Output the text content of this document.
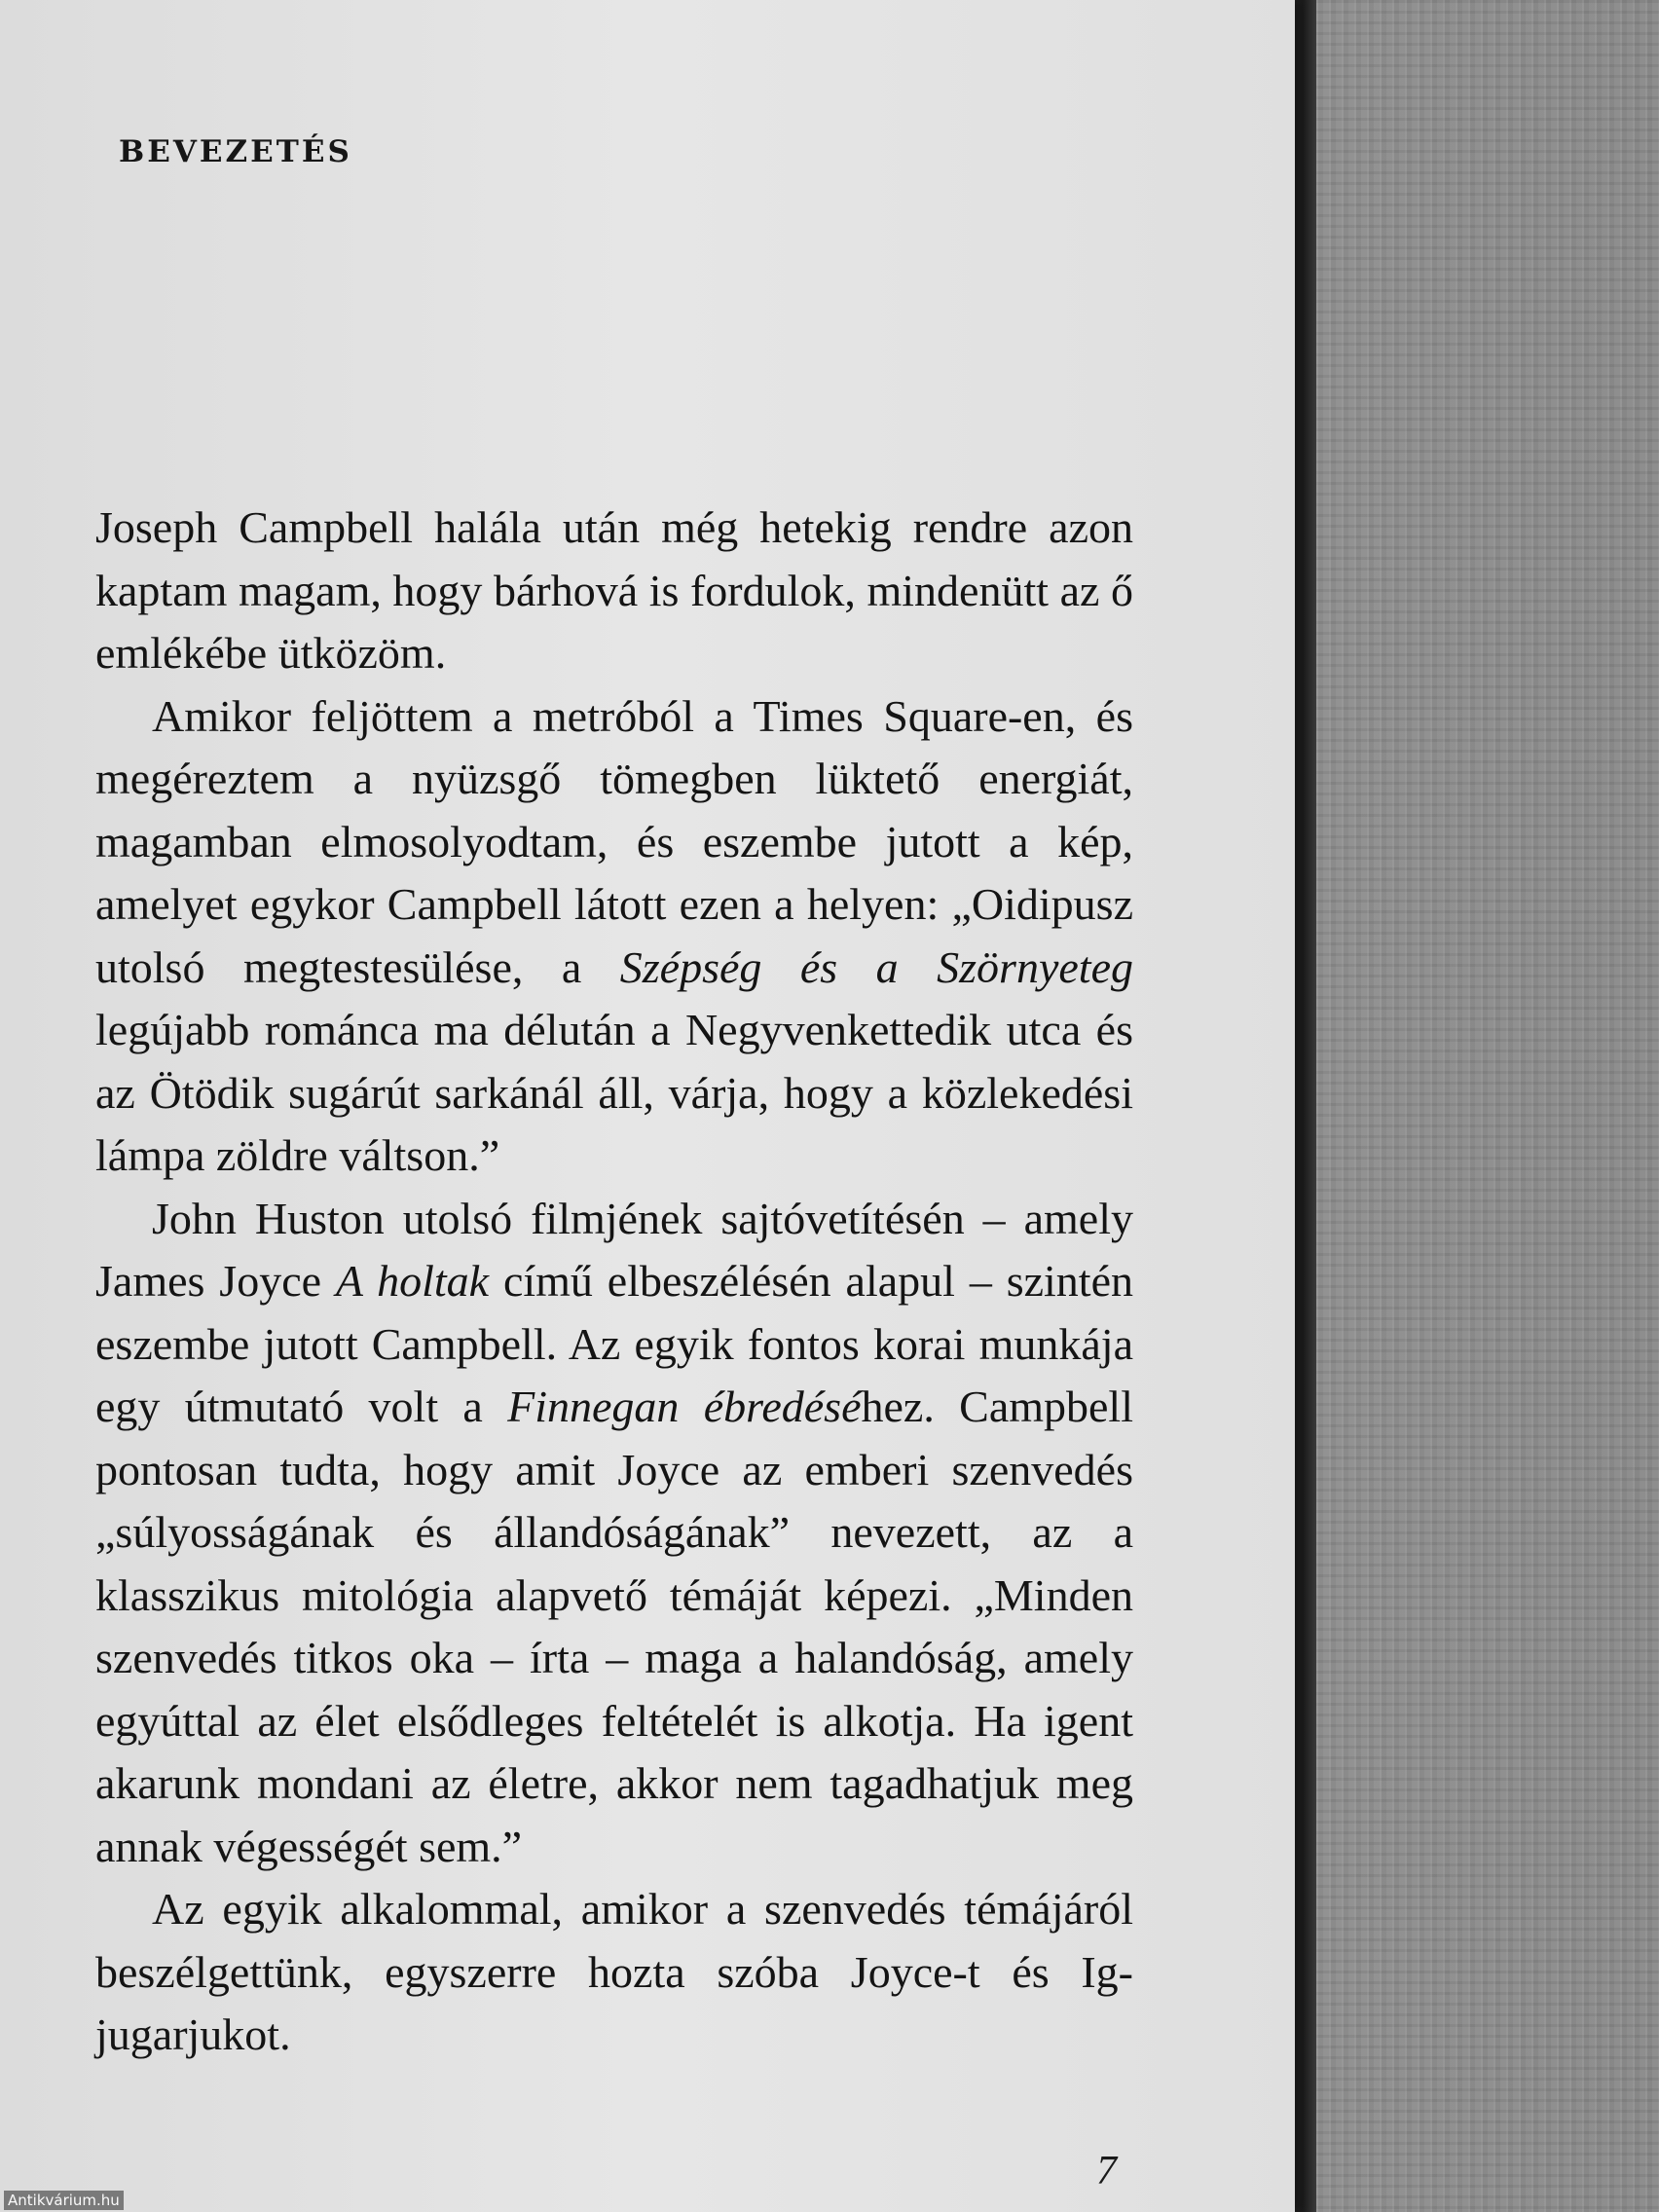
BEVEZETÉS

Joseph Campbell halála után még hetekig rendre azon kaptam magam, hogy bárhová is fordulok, mindenütt az ő emlékébe ütközöm.

Amikor feljöttem a metróból a Times Square-en, és megéreztem a nyüzsgő tömegben lüktető energiát, magamban elmosolyodtam, és eszembe jutott a kép, amelyet egykor Campbell látott ezen a helyen: „Oidipusz utolsó megtestesülése, a Szépség és a Szörnyeteg legújabb románca ma délután a Negyvenkettedik utca és az Ötödik sugárút sarkánál áll, várja, hogy a közlekedési lámpa zöldre váltson.”

John Huston utolsó filmjének sajtóvetítésén – amely James Joyce A holtak című elbeszélésén alapul – szintén eszembe jutott Campbell. Az egyik fontos korai munkája egy útmutató volt a Finnegan ébredéséhez. Campbell pontosan tudta, hogy amit Joyce az emberi szenvedés „súlyosságának és állandóságának” nevezett, az a klasszikus mitológia alapvető témáját képezi. „Minden szenvedés titkos oka – írta – maga a halandóság, amely egyúttal az élet elsődleges feltételét is alkotja. Ha igent akarunk mondani az életre, akkor nem tagadhatjuk meg annak végességét sem.”

Az egyik alkalommal, amikor a szenvedés témájáról beszélgettünk, egyszerre hozta szóba Joyce-t és Igjugarjukot.

7
Antikvárium.hu
